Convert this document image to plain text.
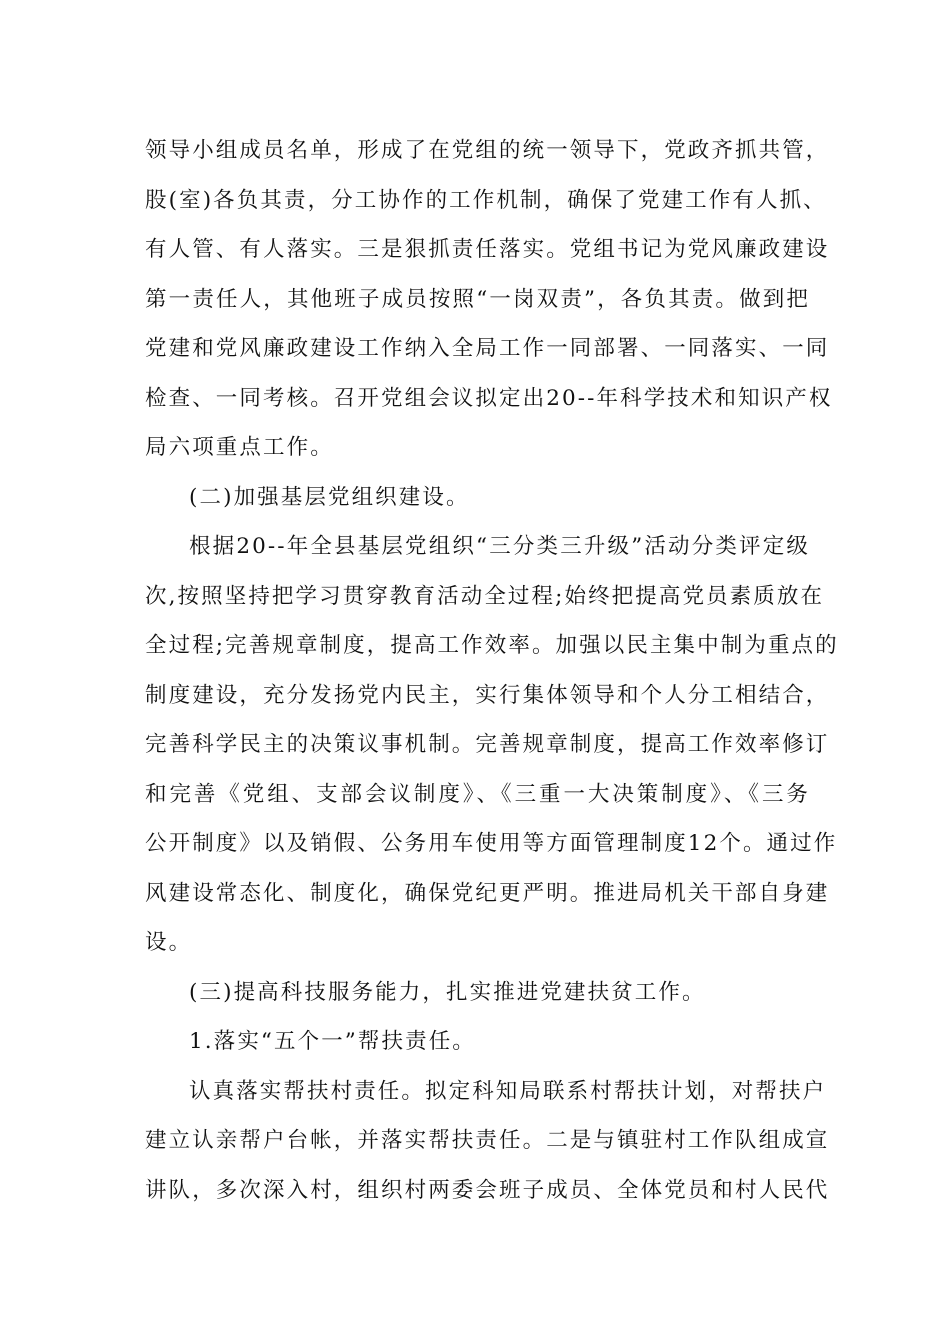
领导小组成员名单，形成了在党组的统一领导下，党政齐抓共管，
股(室)各负其责，分工协作的工作机制，确保了党建工作有人抓、
有人管、有人落实。三是狠抓责任落实。党组书记为党风廉政建设
第一责任人，其他班子成员按照“一岗双责”，各负其责。做到把
党建和党风廉政建设工作纳入全局工作一同部署、一同落实、一同
检查、一同考核。召开党组会议拟定出20--年科学技术和知识产权
局六项重点工作。
(二)加强基层党组织建设。
根据20--年全县基层党组织“三分类三升级”活动分类评定级
次,按照坚持把学习贯穿教育活动全过程;始终把提高党员素质放在
全过程;完善规章制度，提高工作效率。加强以民主集中制为重点的
制度建设，充分发扬党内民主，实行集体领导和个人分工相结合，
完善科学民主的决策议事机制。完善规章制度，提高工作效率修订
和完善《党组、支部会议制度》、《三重一大决策制度》、《三务
公开制度》以及销假、公务用车使用等方面管理制度12个。通过作
风建设常态化、制度化，确保党纪更严明。推进局机关干部自身建
设。
(三)提高科技服务能力，扎实推进党建扶贫工作。
1.落实“五个一”帮扶责任。
认真落实帮扶村责任。拟定科知局联系村帮扶计划，对帮扶户
建立认亲帮户台帐，并落实帮扶责任。二是与镇驻村工作队组成宣
讲队，多次深入村，组织村两委会班子成员、全体党员和村人民代
